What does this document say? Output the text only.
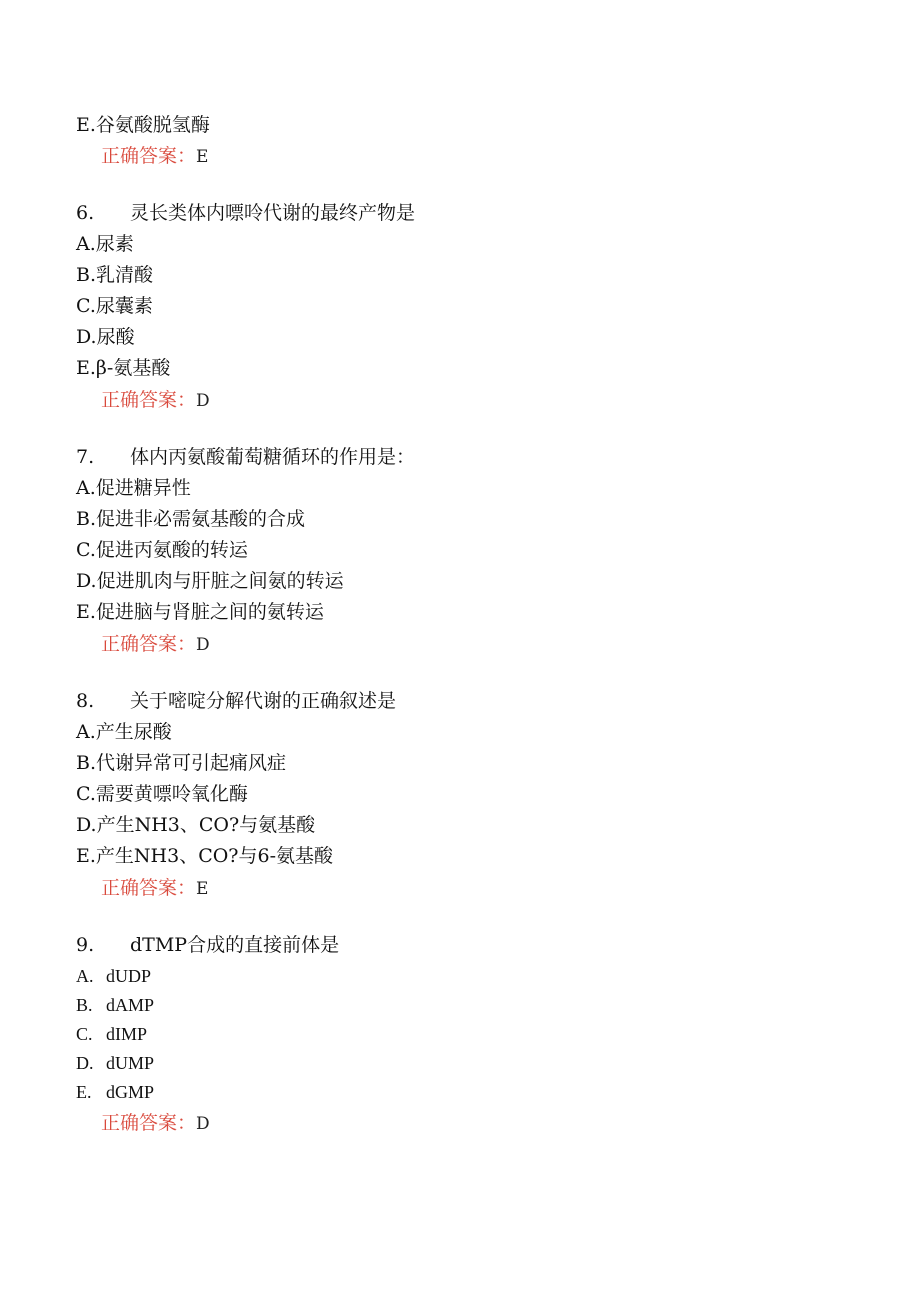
E.谷氨酸脱氢酶
正确答案：E
6. 灵长类体内嘌呤代谢的最终产物是
A.尿素
B.乳清酸
C.尿囊素
D.尿酸
E.β-氨基酸
正确答案：D
7. 体内丙氨酸葡萄糖循环的作用是：
A.促进糖异性
B.促进非必需氨基酸的合成
C.促进丙氨酸的转运
D.促进肌肉与肝脏之间氨的转运
E.促进脑与肾脏之间的氨转运
正确答案：D
8. 关于嘧啶分解代谢的正确叙述是
A.产生尿酸
B.代谢异常可引起痛风症
C.需要黄嘌呤氧化酶
D.产生NH3、CO?与氨基酸
E.产生NH3、CO?与6-氨基酸
正确答案：E
9. dTMP合成的直接前体是
A. dUDP
B. dAMP
C. dIMP
D. dUMP
E. dGMP
正确答案：D
